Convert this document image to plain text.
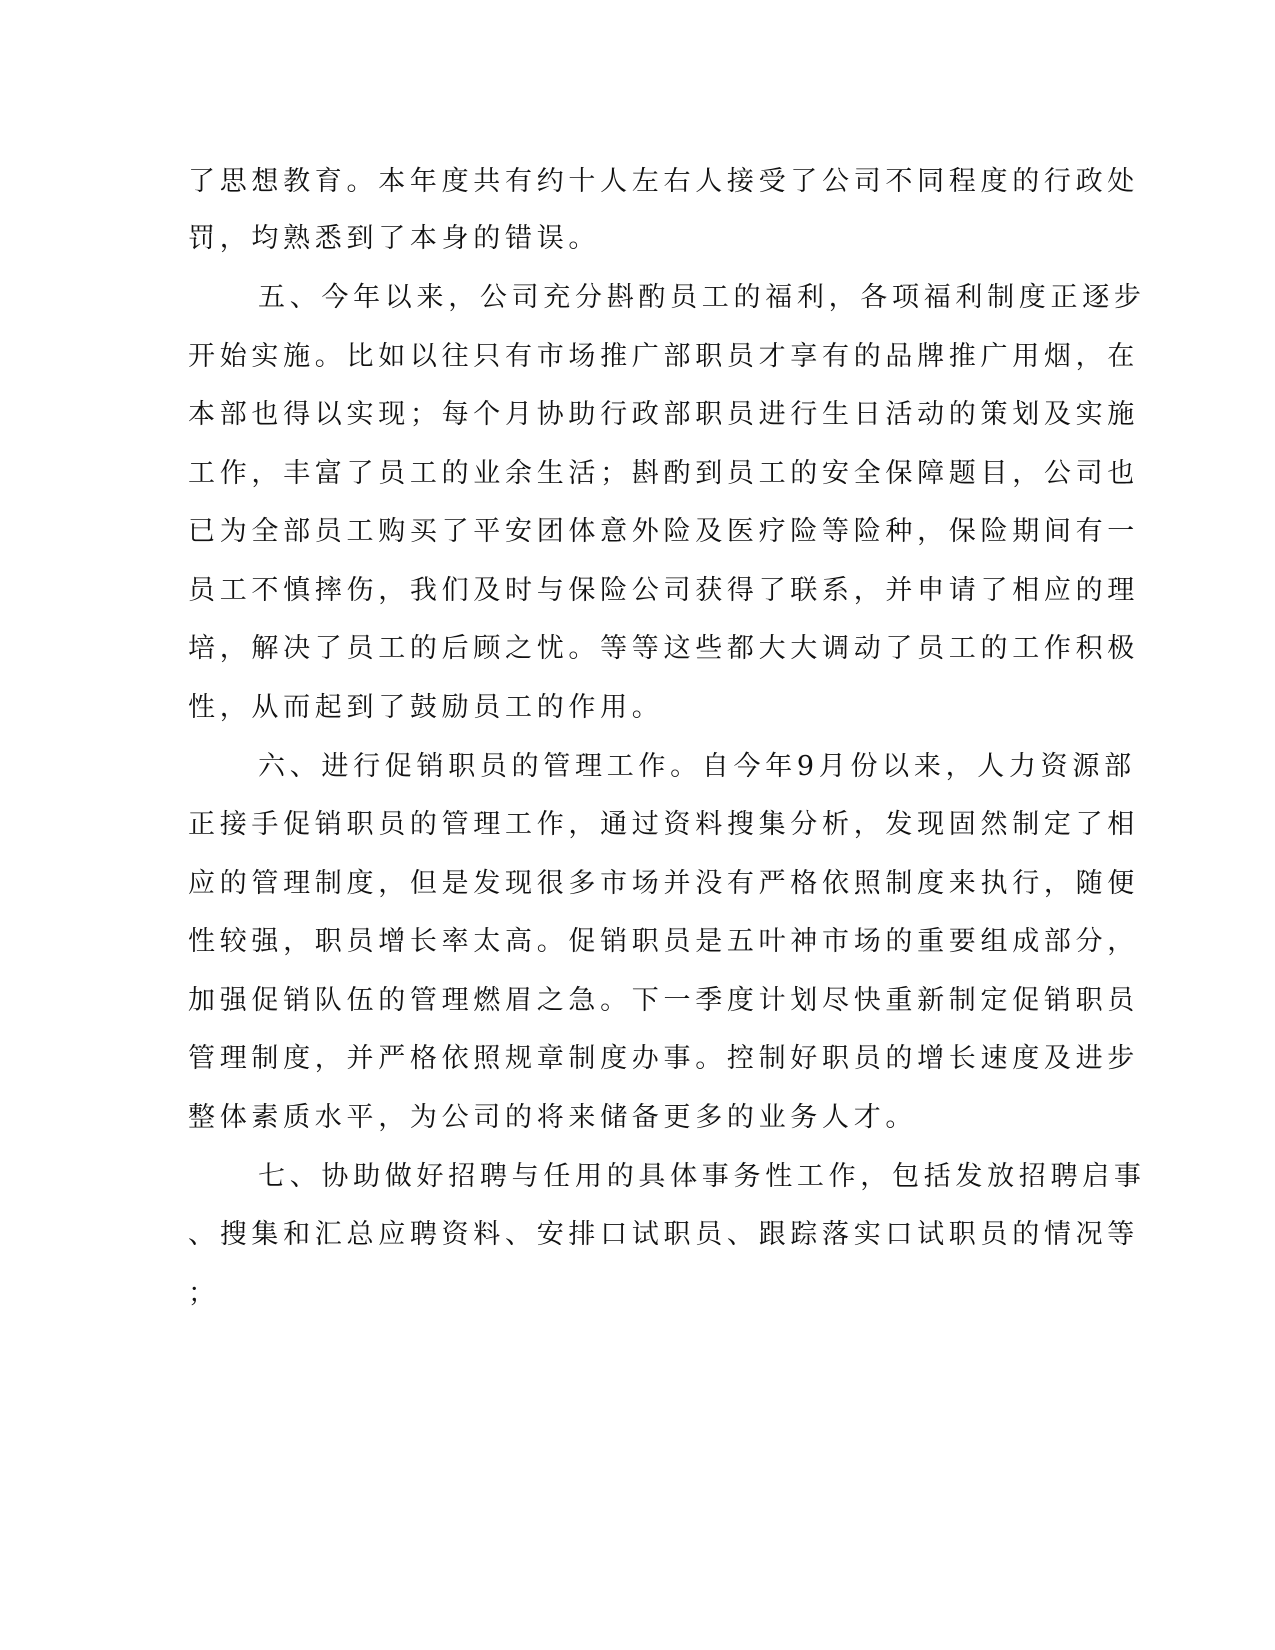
了思想教育。本年度共有约十人左右人接受了公司不同程度的行政处
罚，均熟悉到了本身的错误。
五、今年以来，公司充分斟酌员工的福利，各项福利制度正逐步
开始实施。比如以往只有市场推广部职员才享有的品牌推广用烟，在
本部也得以实现；每个月协助行政部职员进行生日活动的策划及实施
工作，丰富了员工的业余生活；斟酌到员工的安全保障题目，公司也
已为全部员工购买了平安团体意外险及医疗险等险种，保险期间有一
员工不慎摔伤，我们及时与保险公司获得了联系，并申请了相应的理
培，解决了员工的后顾之忧。等等这些都大大调动了员工的工作积极
性，从而起到了鼓励员工的作用。
六、进行促销职员的管理工作。自今年9月份以来，人力资源部
正接手促销职员的管理工作，通过资料搜集分析，发现固然制定了相
应的管理制度，但是发现很多市场并没有严格依照制度来执行，随便
性较强，职员增长率太高。促销职员是五叶神市场的重要组成部分，
加强促销队伍的管理燃眉之急。下一季度计划尽快重新制定促销职员
管理制度，并严格依照规章制度办事。控制好职员的增长速度及进步
整体素质水平，为公司的将来储备更多的业务人才。
七、协助做好招聘与任用的具体事务性工作，包括发放招聘启事
、搜集和汇总应聘资料、安排口试职员、跟踪落实口试职员的情况等
；
